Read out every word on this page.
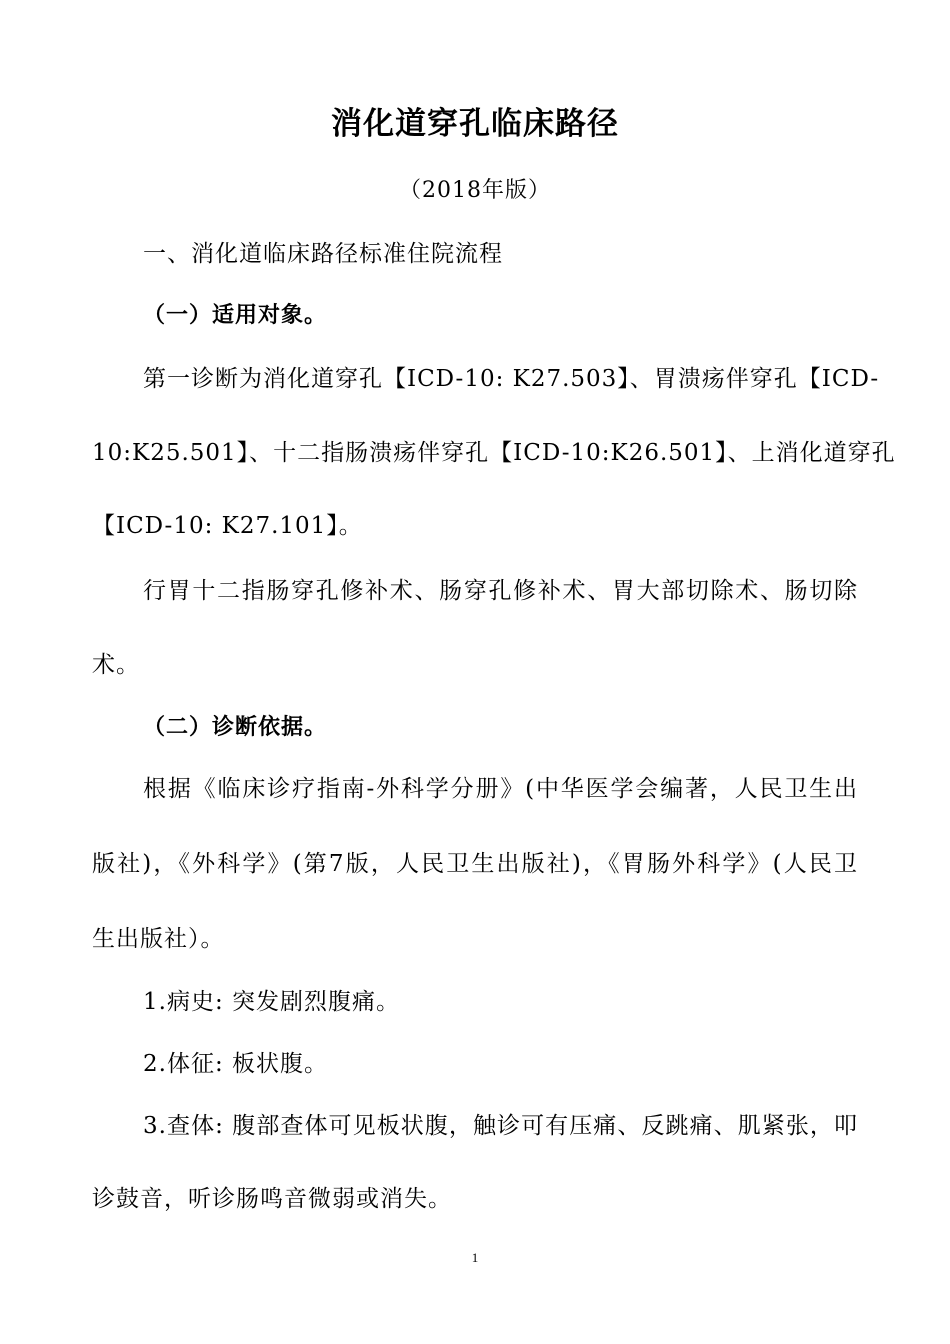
消化道穿孔临床路径
（2018年版）
一、消化道临床路径标准住院流程
（一）适用对象。
第一诊断为消化道穿孔【ICD-10: K27.503】、胃溃疡伴穿孔【ICD-
10:K25.501】、十二指肠溃疡伴穿孔【ICD-10:K26.501】、上消化道穿孔
【ICD-10: K27.101】。
行胃十二指肠穿孔修补术、肠穿孔修补术、胃大部切除术、肠切除
术。
（二）诊断依据。
根据《临床诊疗指南-外科学分册》(中华医学会编著，人民卫生出
版社)，《外科学》(第7版，人民卫生出版社)，《胃肠外科学》(人民卫
生出版社）。
1.病史: 突发剧烈腹痛。
2.体征: 板状腹。
3.查体: 腹部查体可见板状腹，触诊可有压痛、反跳痛、肌紧张，叩
诊鼓音，听诊肠鸣音微弱或消失。
1
